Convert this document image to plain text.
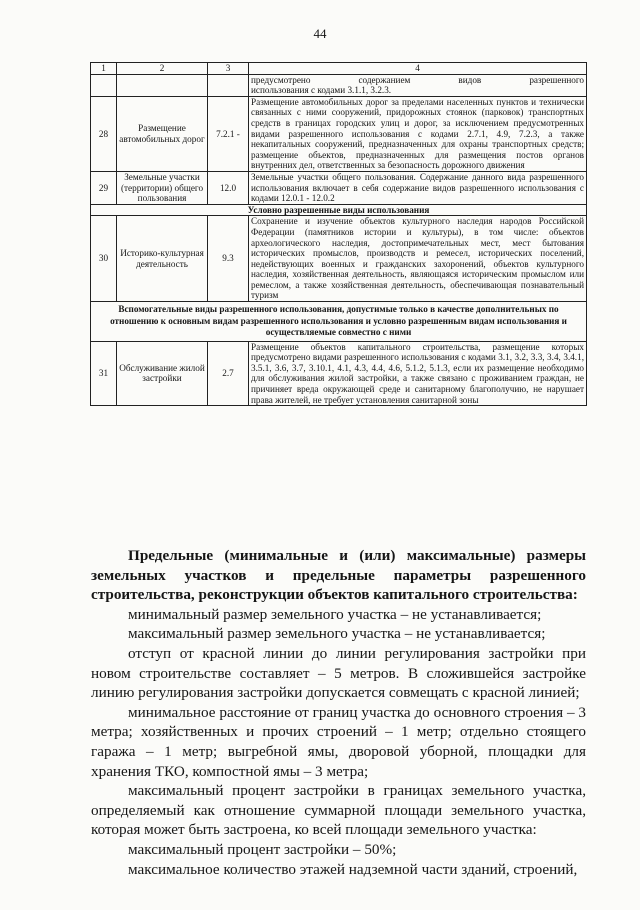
44
1	2	3	4

			предусмотрено содержанием видов разрешенного
использования с кодами 3.1.1, 3.2.3.

28	Размещение автомобильных дорог	7.2.1 -	Размещение автомобильных дорог за пределами населенных пунктов и технически связанных с ними сооружений, придорожных стоянок (парковок) транспортных средств в границах городских улиц и дорог, за исключением предусмотренных видами разрешенного использования с кодами 2.7.1, 4.9, 7.2.3, а также некапитальных сооружений, предназначенных для охраны транспортных средств; размещение объектов, предназначенных для размещения постов органов внутренних дел, ответственных за безопасность дорожного движения
29	Земельные участки (территории) общего пользования	12.0	Земельные участки общего пользования. Содержание данного вида разрешенного использования включает в себя содержание видов разрешенного использования с кодами 12.0.1 - 12.0.2
Условно разрешенные виды использования			
30	Историко-культурная деятельность	9.3	Сохранение и изучение объектов культурного наследия народов Российской Федерации (памятников истории и культуры), в том числе: объектов археологического наследия, достопримечательных мест, мест бытования исторических промыслов, производств и ремесел, исторических поселений, недействующих военных и гражданских захоронений, объектов культурного наследия, хозяйственная деятельность, являющаяся историческим промыслом или ремеслом, а также хозяйственная деятельность, обеспечивающая познавательный туризм
Вспомогательные виды разрешенного использования, допустимые только в качестве дополнительных по отношению к основным видам разрешенного использования и условно разрешенным видам использования и осуществляемые совместно с ними			
31	Обслуживание жилой застройки	2.7	Размещение объектов капитального строительства, размещение которых предусмотрено видами разрешенного использования с кодами 3.1, 3.2, 3.3, 3.4, 3.4.1, 3.5.1, 3.6, 3.7, 3.10.1, 4.1, 4.3, 4.4, 4.6, 5.1.2, 5.1.3, если их размещение необходимо для обслуживания жилой застройки, а также связано с проживанием граждан, не причиняет вреда окружающей среде и санитарному благополучию, не нарушает права жителей, не требует установления санитарной зоны

Предельные (минимальные и (или) максимальные) размеры земельных участков и предельные параметры разрешенного строительства, реконструкции объектов капитального строительства:

минимальный размер земельного участка – не устанавливается;

максимальный размер земельного участка – не устанавливается;

отступ от красной линии до линии регулирования застройки при новом строительстве составляет – 5 метров. В сложившейся застройке линию регулирования застройки допускается совмещать с красной линией;

минимальное расстояние от границ участка до основного строения – 3 метра; хозяйственных и прочих строений – 1 метр; отдельно стоящего гаража – 1 метр; выгребной ямы, дворовой уборной, площадки для хранения ТКО, компостной ямы – 3 метра;

максимальный процент застройки в границах земельного участка, определяемый как отношение суммарной площади земельного участка, которая может быть застроена, ко всей площади земельного участка:

максимальный процент застройки – 50%;

максимальное количество этажей надземной части зданий, строений,
